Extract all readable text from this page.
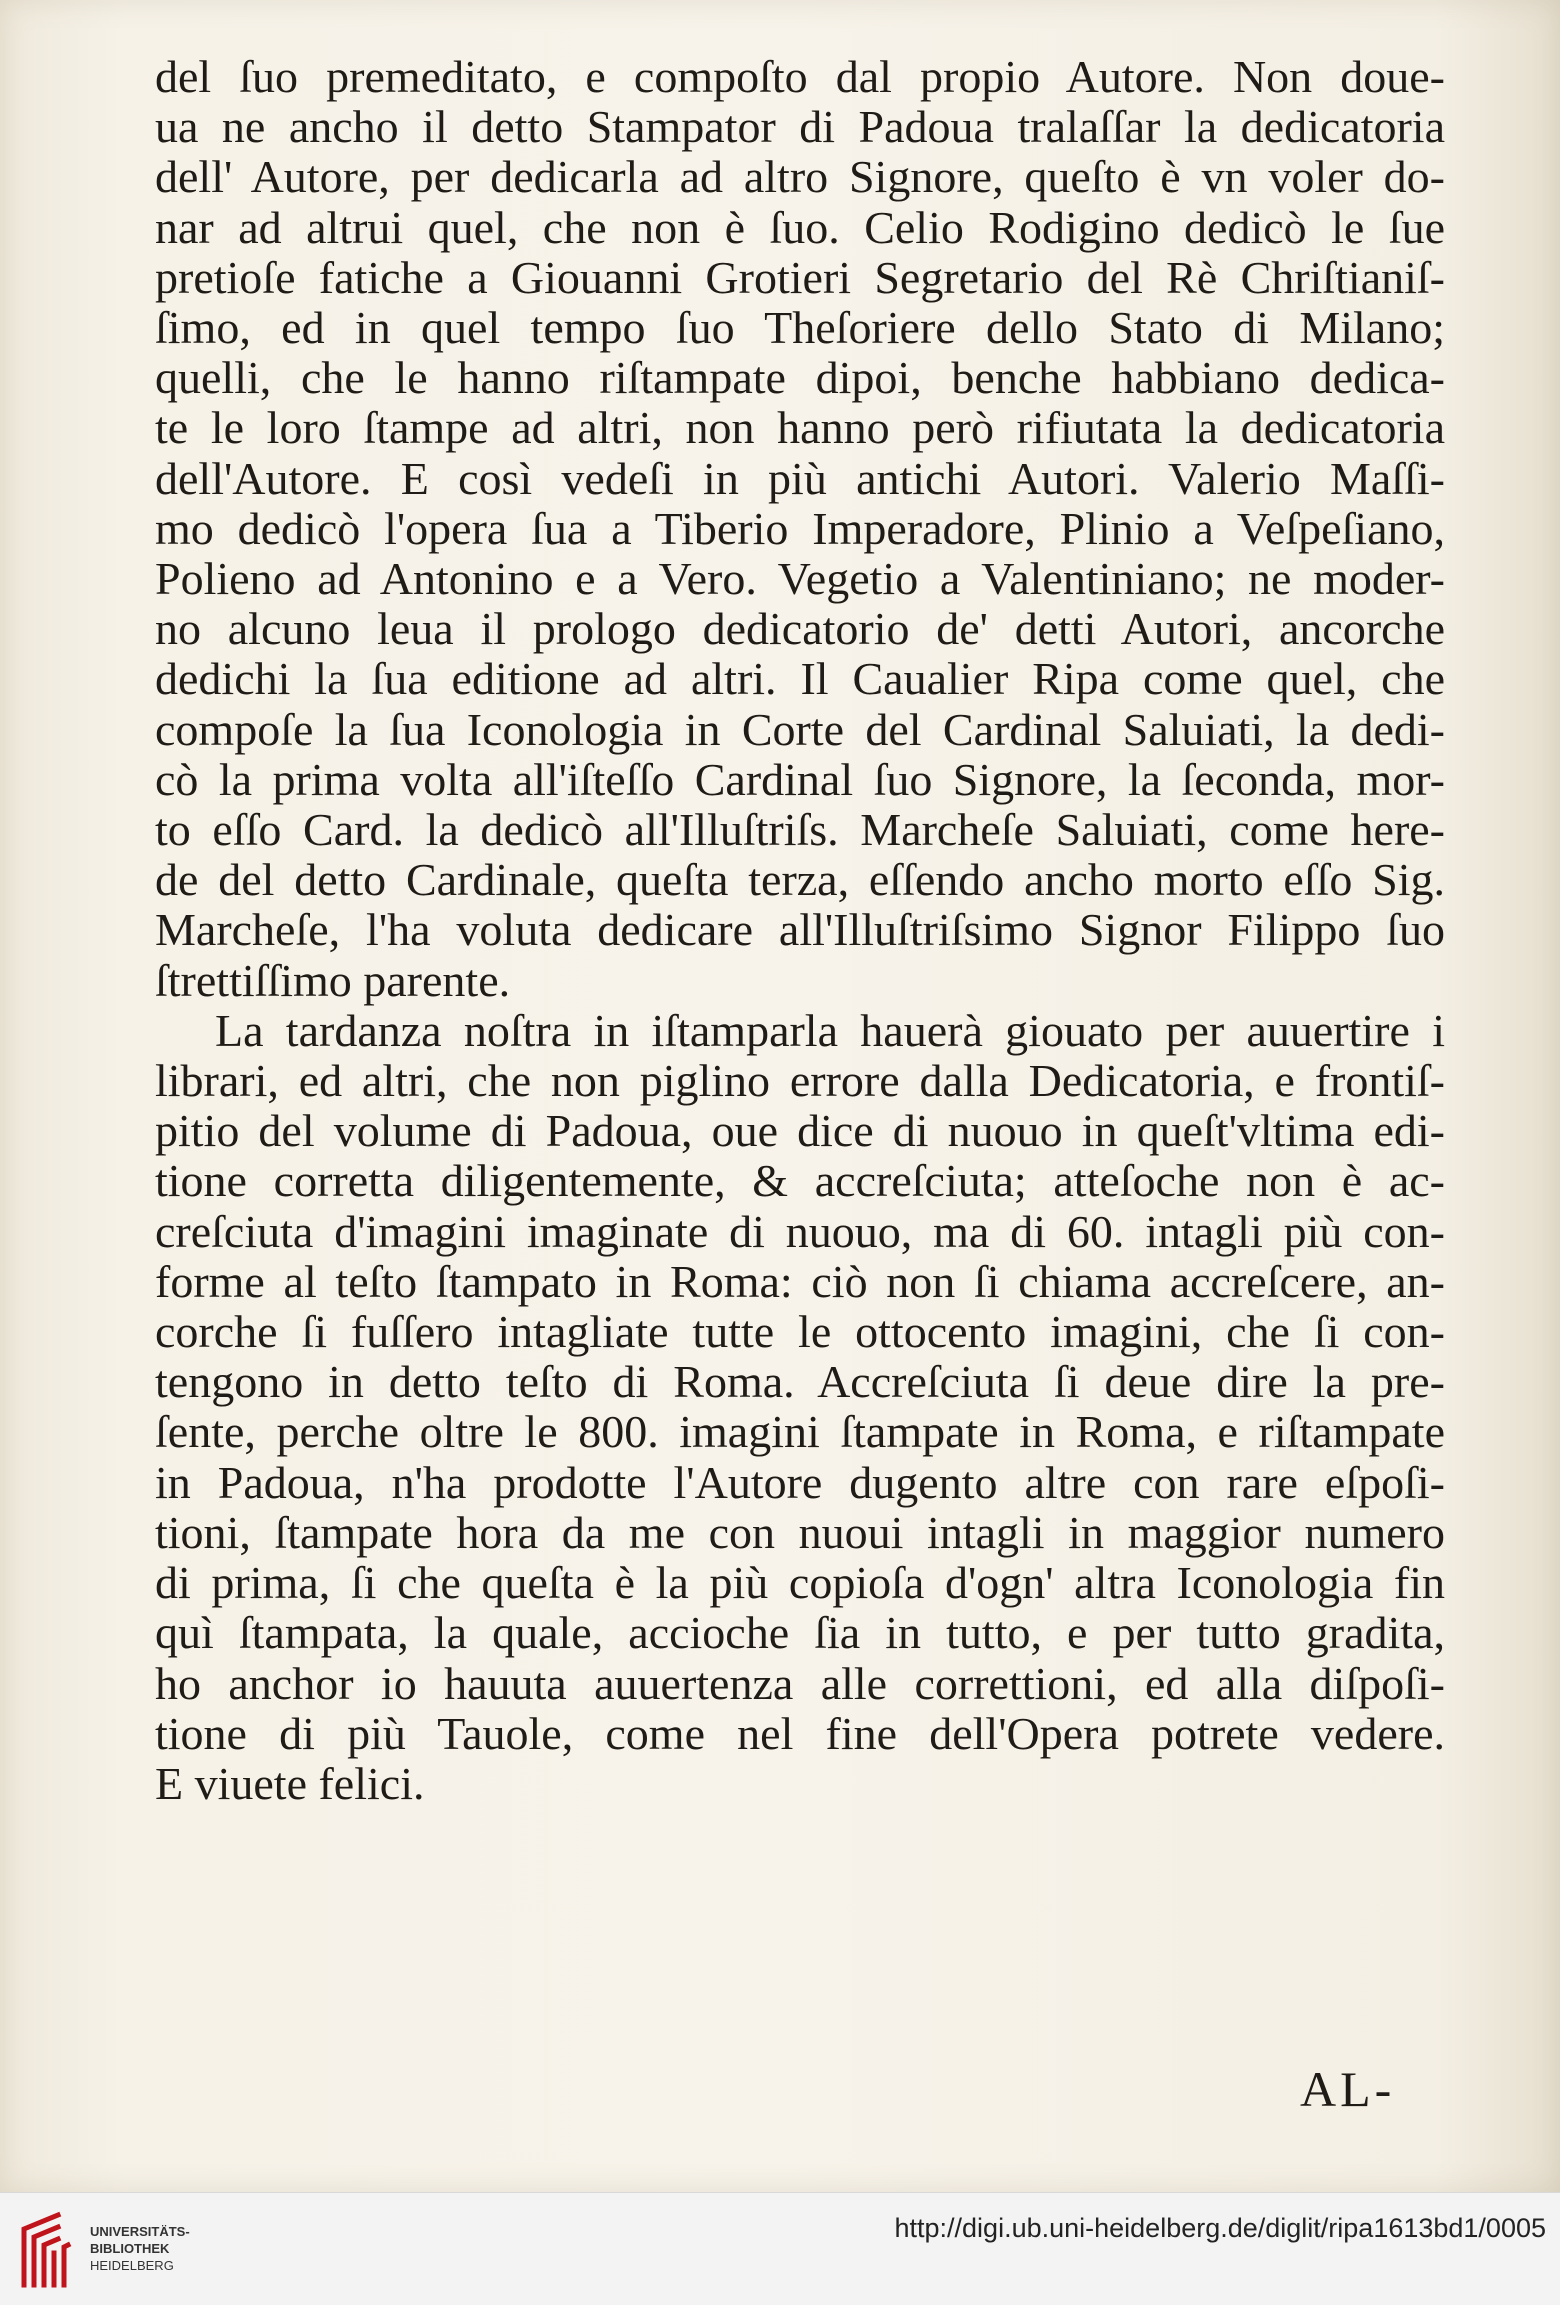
del ſuo premeditato, e compoſto dal propio Autore. Non doue-
ua ne ancho il detto Stampator di Padoua tralaſſar la dedicatoria
dell' Autore, per dedicarla ad altro Signore, queſto è vn voler do-
nar ad altrui quel, che non è ſuo. Celio Rodigino dedicò le ſue
pretioſe fatiche a Giouanni Grotieri Segretario del Rè Chriſtianiſ-
ſimo, ed in quel tempo ſuo Theſoriere dello Stato di Milano;
quelli, che le hanno riſtampate dipoi, benche habbiano dedica-
te le loro ſtampe ad altri, non hanno però rifiutata la dedicatoria
dell'Autore. E così vedeſi in più antichi Autori. Valerio Maſſi-
mo dedicò l'opera ſua a Tiberio Imperadore, Plinio a Veſpeſiano,
Polieno ad Antonino e a Vero. Vegetio a Valentiniano; ne moder-
no alcuno leua il prologo dedicatorio de' detti Autori, ancorche
dedichi la ſua editione ad altri. Il Caualier Ripa come quel, che
compoſe la ſua Iconologia in Corte del Cardinal Saluiati, la dedi-
cò la prima volta all'iſteſſo Cardinal ſuo Signore, la ſeconda, mor-
to eſſo Card. la dedicò all'Illuſtriſs. Marcheſe Saluiati, come here-
de del detto Cardinale, queſta terza, eſſendo ancho morto eſſo Sig.
Marcheſe, l'ha voluta dedicare all'Illuſtriſsimo Signor Filippo ſuo
ſtrettiſſimo parente.
La tardanza noſtra in iſtamparla hauerà giouato per auuertire i
librari, ed altri, che non piglino errore dalla Dedicatoria, e frontiſ-
pitio del volume di Padoua, oue dice di nuouo in queſt'vltima edi-
tione corretta diligentemente, & accreſciuta; atteſoche non è ac-
creſciuta d'imagini imaginate di nuouo, ma di 60. intagli più con-
forme al teſto ſtampato in Roma: ciò non ſi chiama accreſcere, an-
corche ſi fuſſero intagliate tutte le ottocento imagini, che ſi con-
tengono in detto teſto di Roma. Accreſciuta ſi deue dire la pre-
ſente, perche oltre le 800. imagini ſtampate in Roma, e riſtampate
in Padoua, n'ha prodotte l'Autore dugento altre con rare eſpoſi-
tioni, ſtampate hora da me con nuoui intagli in maggior numero
di prima, ſi che queſta è la più copioſa d'ogn' altra Iconologia fin
quì ſtampata, la quale, accioche ſia in tutto, e per tutto gradita,
ho anchor io hauuta auuertenza alle correttioni, ed alla diſpoſi-
tione di più Tauole, come nel fine dell'Opera potrete vedere.
E viuete felici.
AL-
UNIVERSITÄTS-
BIBLIOTHEK
HEIDELBERG
http://digi.ub.uni-heidelberg.de/diglit/ripa1613bd1/0005
